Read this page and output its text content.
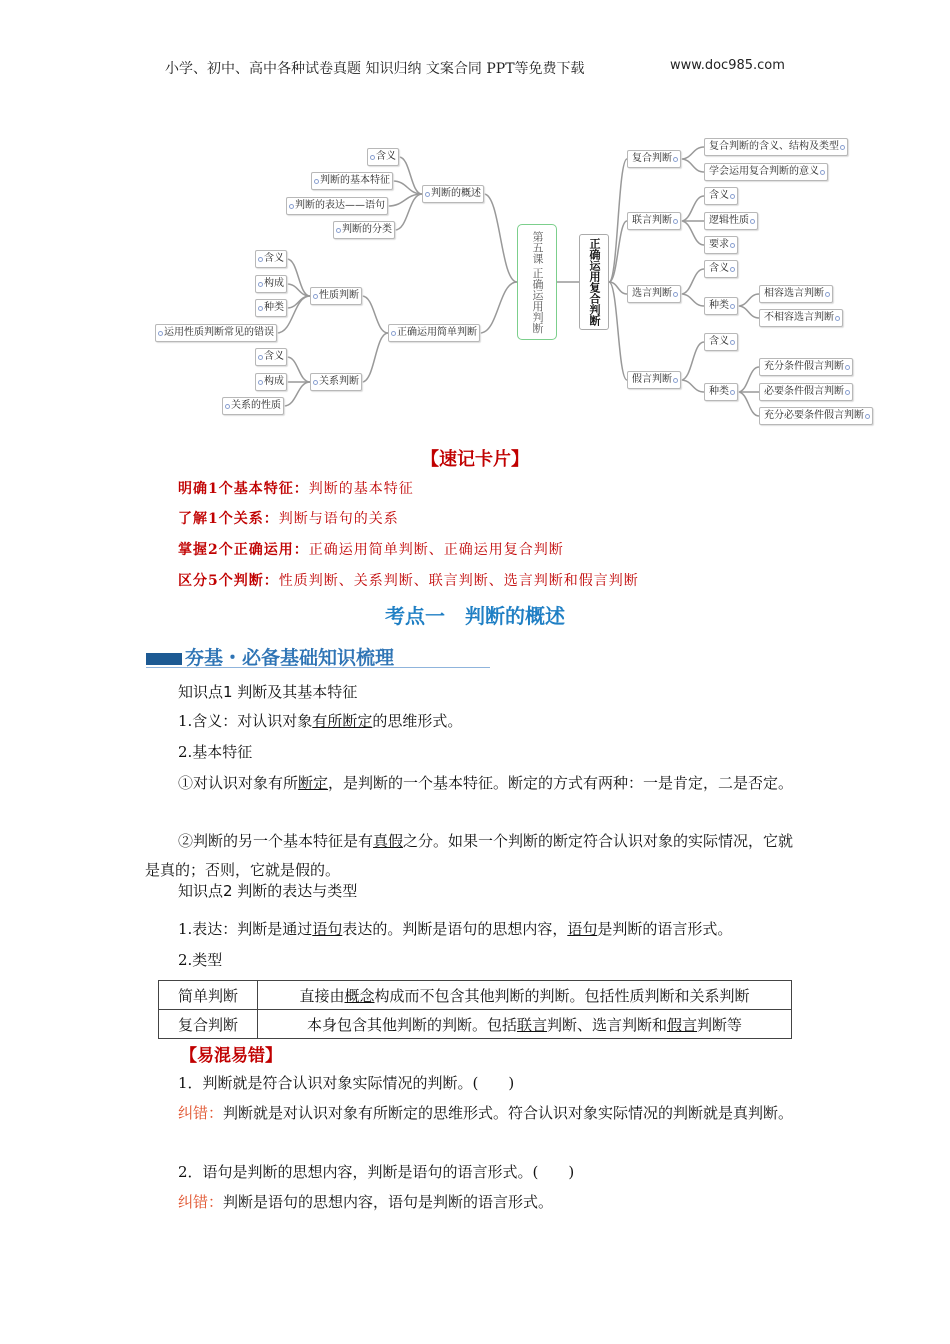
小学、初中、高中各种试卷真题 知识归纳 文案合同 PPT等免费下载	www.doc985.com
第五课 正确运用判断	正确运用复合判断
判断的概述
含义
判断的基本特征
判断的表达——语句
判断的分类
正确运用简单判断
性质判断
含义
构成
种类
运用性质判断常见的错误
关系判断
含义
构成
关系的性质
复合判断
复合判断的含义、结构及类型
学会运用复合判断的意义
联言判断
含义
逻辑性质
要求
选言判断
含义
种类
相容选言判断
不相容选言判断
假言判断
含义
种类
充分条件假言判断
必要条件假言判断
充分必要条件假言判断
【速记卡片】
明确1个基本特征：判断的基本特征
了解1个关系：判断与语句的关系
掌握2个正确运用：正确运用简单判断、正确运用复合判断
区分5个判断：性质判断、关系判断、联言判断、选言判断和假言判断
考点一　判断的概述
夯基・必备基础知识梳理
知识点1 判断及其基本特征
1.含义：对认识对象有所断定的思维形式。
2.基本特征
①对认识对象有所断定，是判断的一个基本特征。断定的方式有两种：一是肯定，二是否定。
②判断的另一个基本特征是有真假之分。如果一个判断的断定符合认识对象的实际情况，它就是真的；否则，它就是假的。
知识点2 判断的表达与类型
1.表达：判断是通过语句表达的。判断是语句的思想内容，语句是判断的语言形式。
2.类型
简单判断	直接由概念构成而不包含其他判断的判断。包括性质判断和关系判断
复合判断	本身包含其他判断的判断。包括联言判断、选言判断和假言判断等
【易混易错】
1．判断就是符合认识对象实际情况的判断。(　　)
纠错：判断就是对认识对象有所断定的思维形式。符合认识对象实际情况的判断就是真判断。
2．语句是判断的思想内容，判断是语句的语言形式。(　　)
纠错：判断是语句的思想内容，语句是判断的语言形式。
